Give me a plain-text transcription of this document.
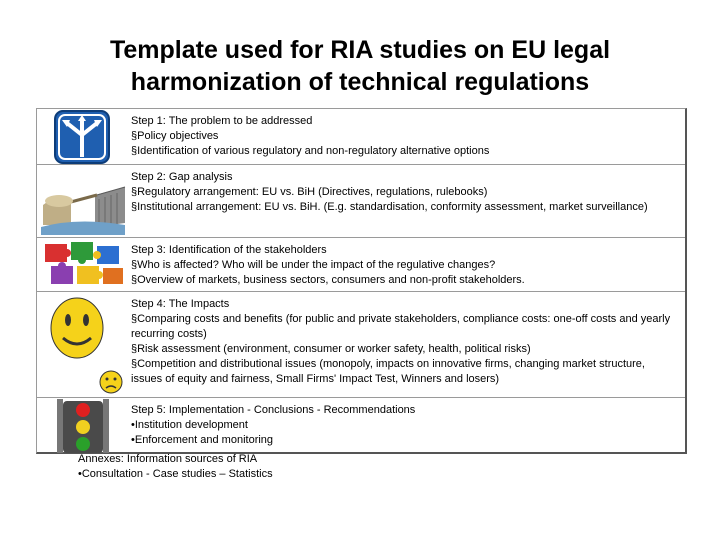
Template used for RIA studies on EU legal
harmonization of technical regulations
Step 1: The problem to be addressed
§Policy objectives
§Identification of various regulatory and non-regulatory alternative options
Step 2: Gap analysis
§Regulatory arrangement: EU vs. BiH (Directives, regulations, rulebooks)
§Institutional arrangement: EU vs. BiH. (E.g. standardisation, conformity assessment, market surveillance)
Step 3: Identification of the stakeholders
§Who is affected? Who will be under the impact of the regulative changes?
§Overview of markets, business sectors, consumers and non-profit stakeholders.
Step 4: The Impacts
§Comparing costs and benefits (for public and private stakeholders, compliance costs: one-off costs and yearly recurring costs)
§Risk assessment (environment, consumer or worker safety, health, political risks)
§Competition and distributional issues (monopoly, impacts on innovative firms, changing market structure, issues of equity and fairness, Small Firms' Impact Test, Winners and losers)
Step 5: Implementation - Conclusions - Recommendations
•Institution development
•Enforcement and monitoring
Annexes: Information sources of RIA
•Consultation - Case studies – Statistics
